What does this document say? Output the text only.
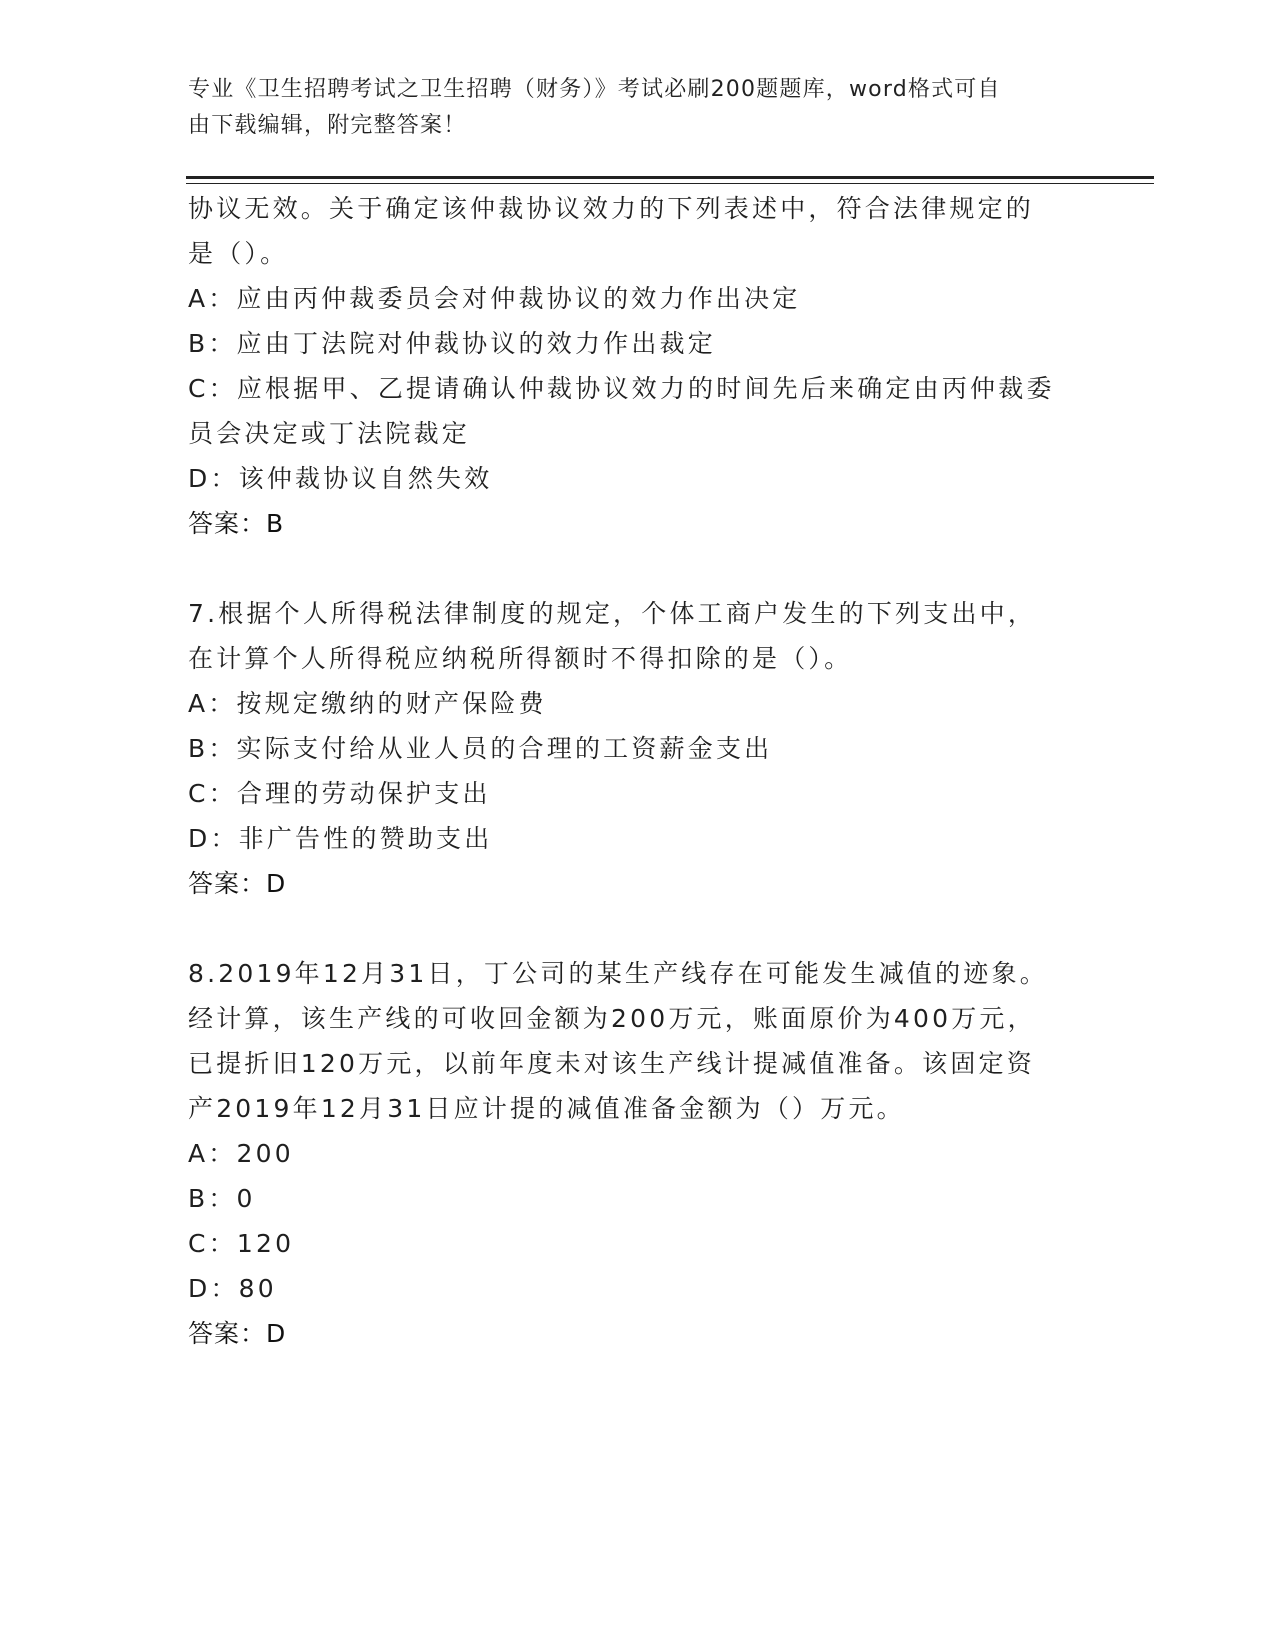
专业《卫生招聘考试之卫生招聘（财务）》考试必刷200题题库，word格式可自
由下载编辑，附完整答案！
协议无效。关于确定该仲裁协议效力的下列表述中，符合法律规定的
是（）。
A：应由丙仲裁委员会对仲裁协议的效力作出决定
B：应由丁法院对仲裁协议的效力作出裁定
C：应根据甲、乙提请确认仲裁协议效力的时间先后来确定由丙仲裁委
员会决定或丁法院裁定
D：该仲裁协议自然失效
答案：B
7.根据个人所得税法律制度的规定，个体工商户发生的下列支出中，
在计算个人所得税应纳税所得额时不得扣除的是（）。
A：按规定缴纳的财产保险费
B：实际支付给从业人员的合理的工资薪金支出
C：合理的劳动保护支出
D：非广告性的赞助支出
答案：D
8.2019年12月31日，丁公司的某生产线存在可能发生减值的迹象。
经计算，该生产线的可收回金额为200万元，账面原价为400万元，
已提折旧120万元，以前年度未对该生产线计提减值准备。该固定资
产2019年12月31日应计提的减值准备金额为（）万元。
A：200
B：0
C：120
D：80
答案：D
